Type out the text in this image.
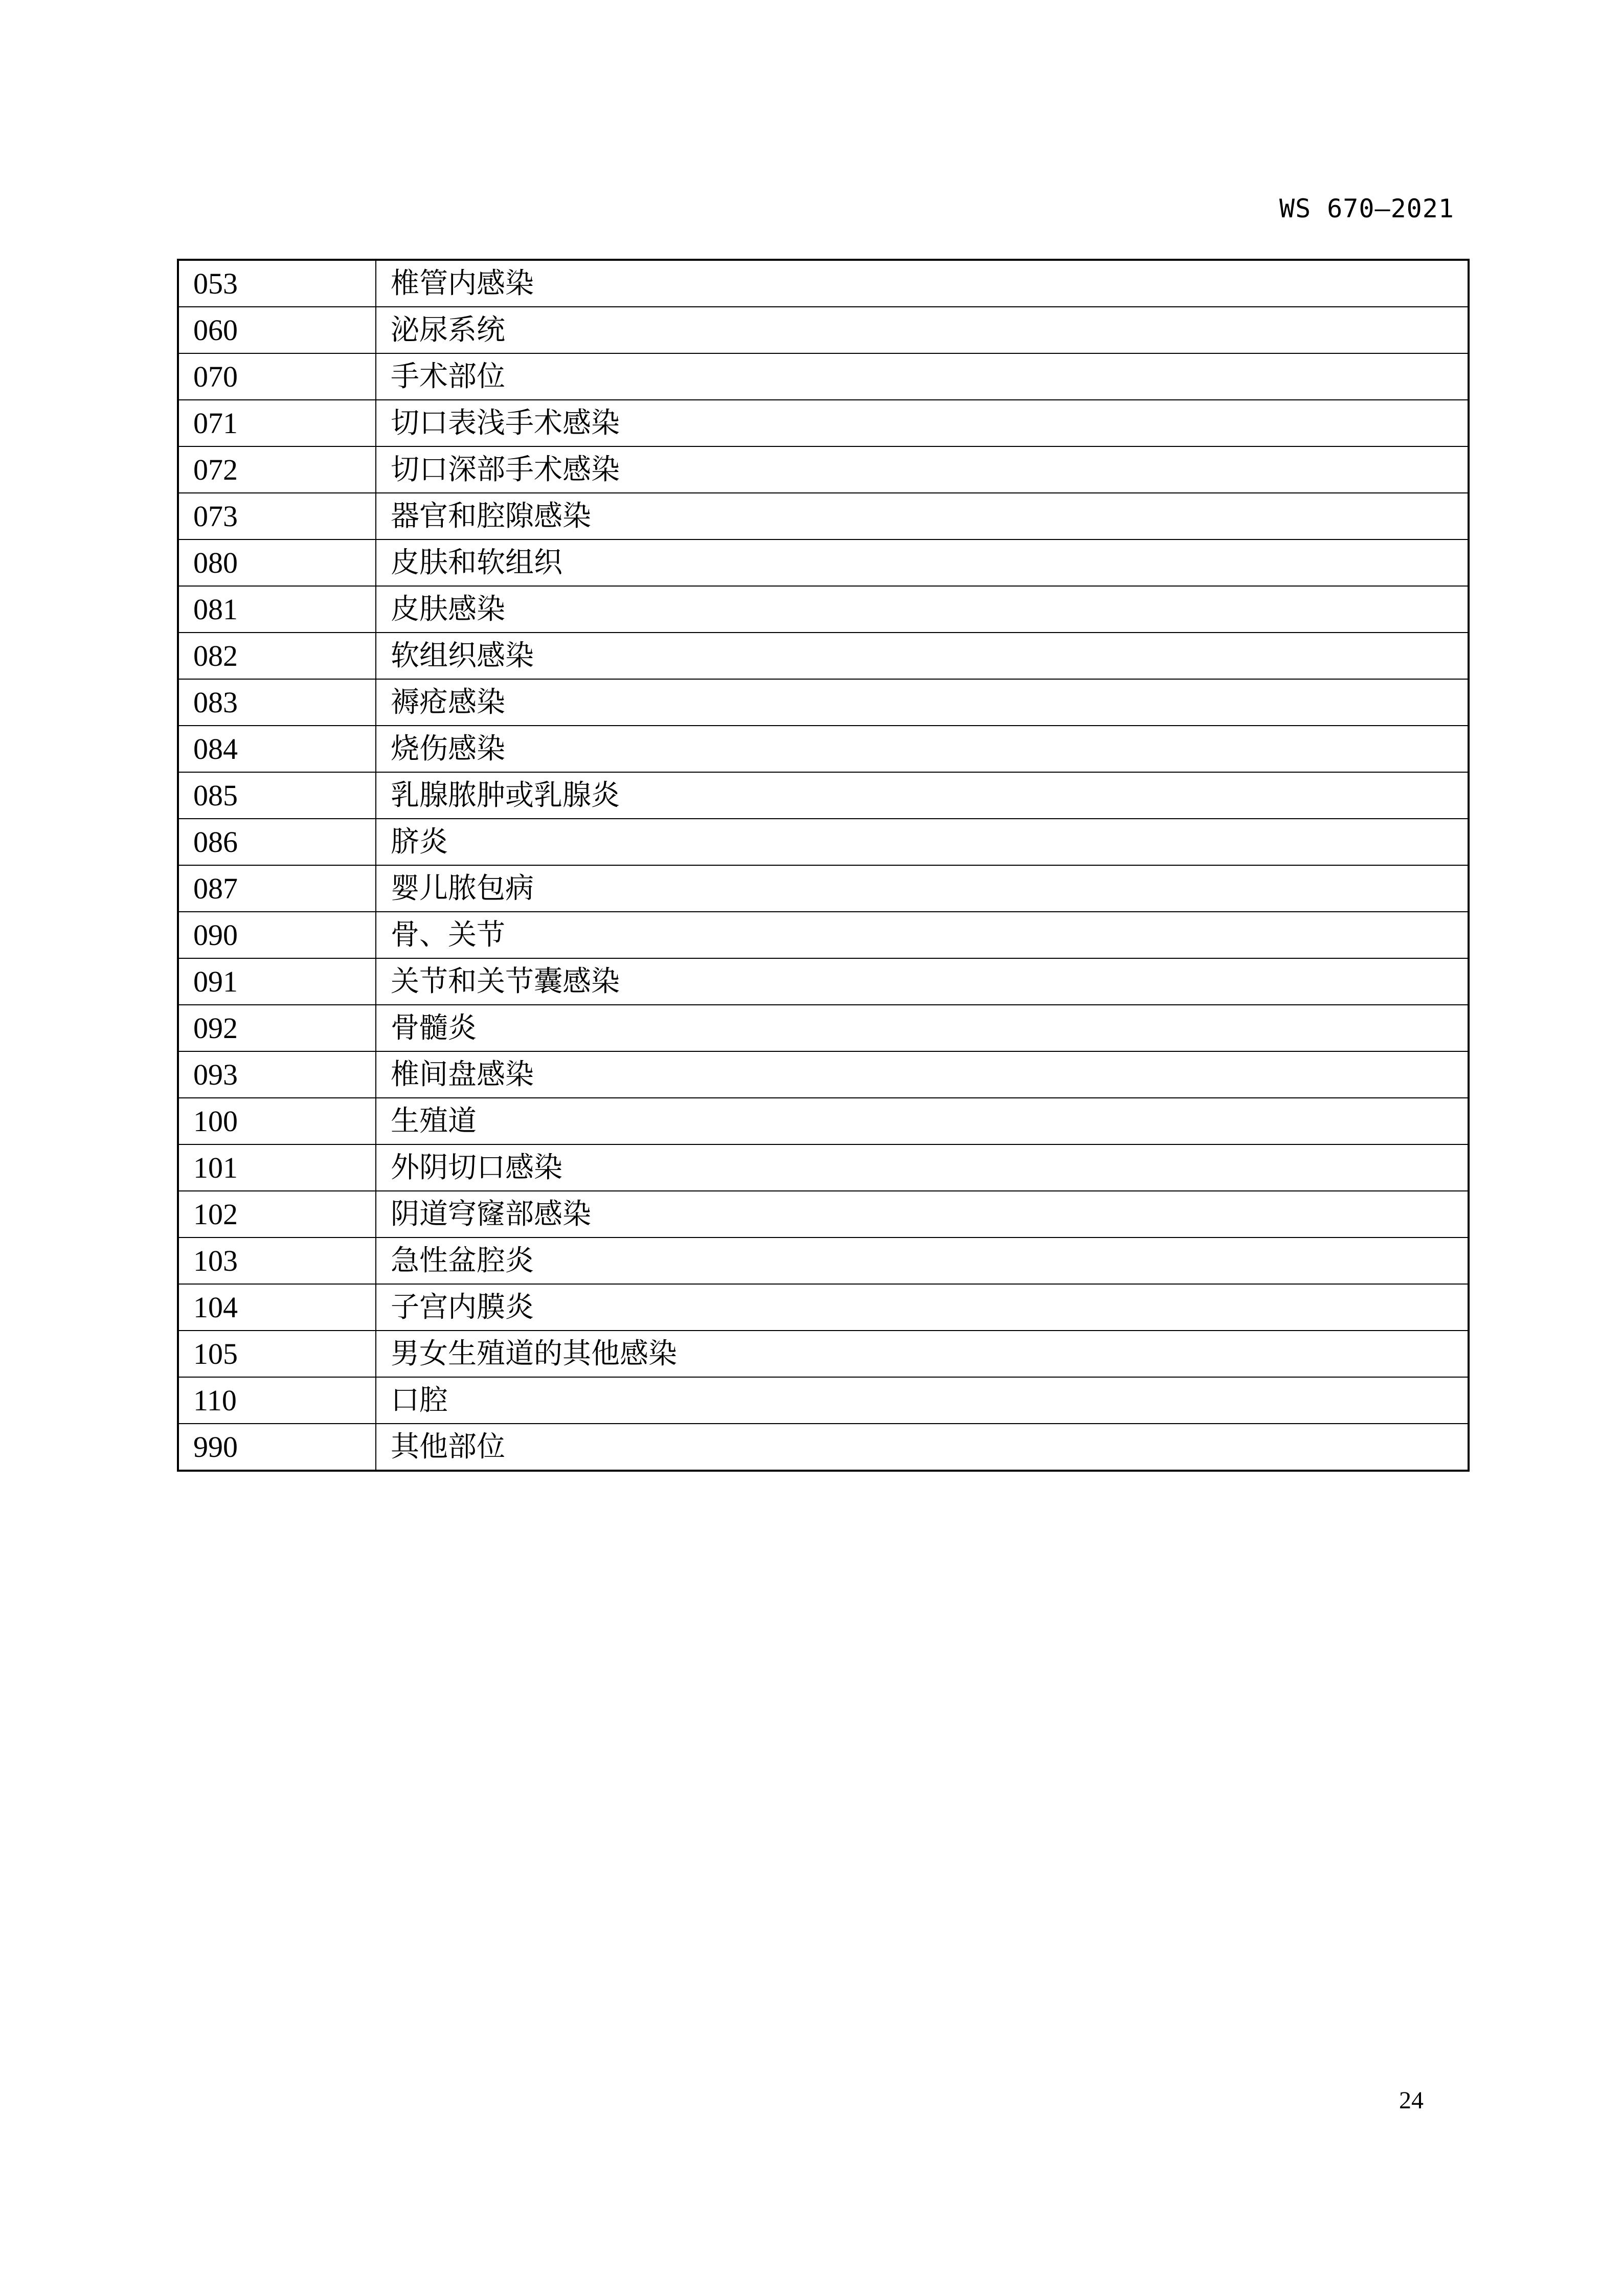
WS 670—2021
053	椎管内感染
060	泌尿系统
070	手术部位
071	切口表浅手术感染
072	切口深部手术感染
073	器官和腔隙感染
080	皮肤和软组织
081	皮肤感染
082	软组织感染
083	褥疮感染
084	烧伤感染
085	乳腺脓肿或乳腺炎
086	脐炎
087	婴儿脓包病
090	骨、关节
091	关节和关节囊感染
092	骨髓炎
093	椎间盘感染
100	生殖道
101	外阴切口感染
102	阴道穹窿部感染
103	急性盆腔炎
104	子宫内膜炎
105	男女生殖道的其他感染
110	口腔
990	其他部位
24
